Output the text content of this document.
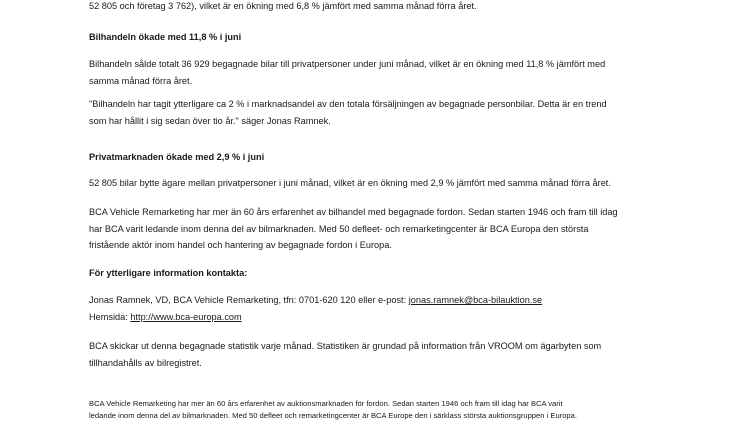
52 805 och företag 3 762), vilket är en ökning med 6,8 % jämfört med samma månad förra året.

Bilhandeln ökade med 11,8 % i juni

Bilhandeln sålde totalt 36 929 begagnade bilar till privatpersoner under juni månad, vilket är en ökning med 11,8 % jämfört med
samma månad förra året.

"Bilhandeln har tagit ytterligare ca 2 % i marknadsandel av den totala försäljningen av begagnade personbilar. Detta är en trend
som har hållit i sig sedan över tio år." säger Jonas Ramnek.

Privatmarknaden ökade med 2,9 % i juni

52 805 bilar bytte ägare mellan privatpersoner i juni månad, vilket är en ökning med 2,9 % jämfört med samma månad förra året.

BCA Vehicle Remarketing har mer än 60 års erfarenhet av bilhandel med begagnade fordon. Sedan starten 1946 och fram till idag
har BCA varit ledande inom denna del av bilmarknaden. Med 50 defleet- och remarketingcenter är BCA Europa den största
fristående aktör inom handel och hantering av begagnade fordon i Europa.

För ytterligare information kontakta:

Jonas Ramnek, VD, BCA Vehicle Remarketing, tfn: 0701-620 120 eller e-post: jonas.ramnek@bca-bilauktion.se
Hemsida: http://www.bca-europa.com

BCA skickar ut denna begagnade statistik varje månad. Statistiken är grundad på information från VROOM om ägarbyten som
tillhandahålls av bilregistret.

BCA Vehicle Remarketing har mer än 60 års erfarenhet av auktionsmarknaden för fordon. Sedan starten 1946 och fram till idag har BCA varit
ledande inom denna del av bilmarknaden. Med 50 defleet och remarketingcenter är BCA Europe den i särklass största auktionsgruppen i Europa.
